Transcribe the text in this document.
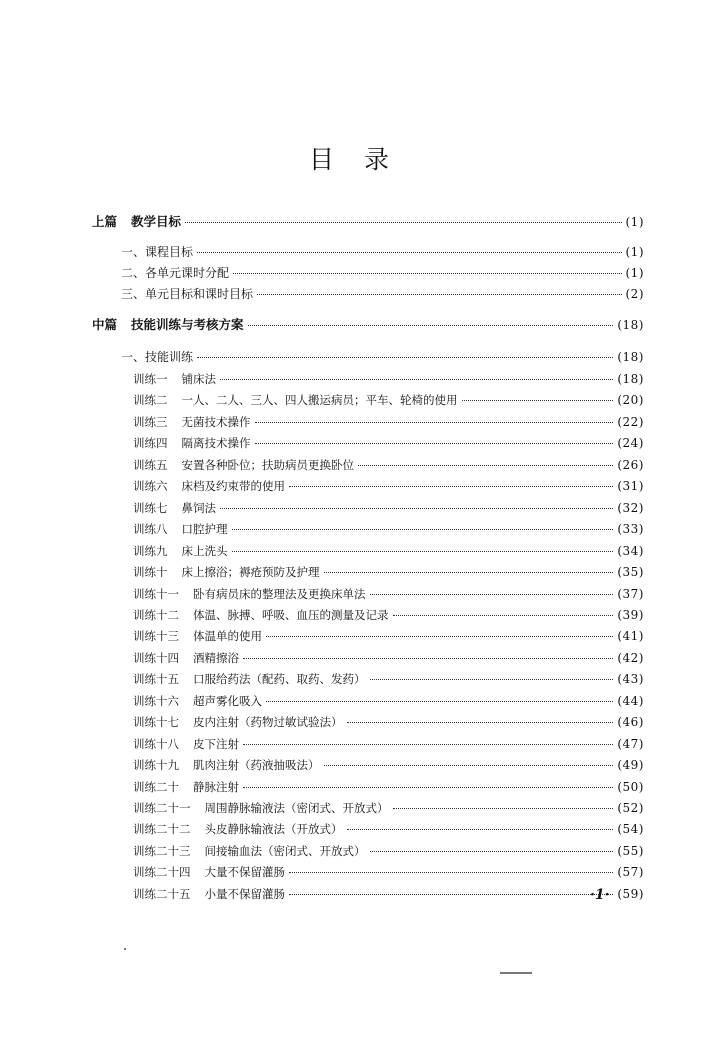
目录
上篇 教学目标	(1)
一、课程目标	(1)
二、各单元课时分配	(1)
三、单元目标和课时目标	(2)
中篇 技能训练与考核方案	(18)
一、技能训练	(18)
训练一 铺床法	(18)
训练二 一人、二人、三人、四人搬运病员；平车、轮椅的使用	(20)
训练三 无菌技术操作	(22)
训练四 隔离技术操作	(24)
训练五 安置各种卧位；扶助病员更换卧位	(26)
训练六 床档及约束带的使用	(31)
训练七 鼻饲法	(32)
训练八 口腔护理	(33)
训练九 床上洗头	(34)
训练十 床上擦浴；褥疮预防及护理	(35)
训练十一 卧有病员床的整理法及更换床单法	(37)
训练十二 体温、脉搏、呼吸、血压的测量及记录	(39)
训练十三 体温单的使用	(41)
训练十四 酒精擦浴	(42)
训练十五 口服给药法（配药、取药、发药）	(43)
训练十六 超声雾化吸入	(44)
训练十七 皮内注射（药物过敏试验法）	(46)
训练十八 皮下注射	(47)
训练十九 肌肉注射（药液抽吸法）	(49)
训练二十 静脉注射	(50)
训练二十一 周围静脉输液法（密闭式、开放式）	(52)
训练二十二 头皮静脉输液法（开放式）	(54)
训练二十三 间接输血法（密闭式、开放式）	(55)
训练二十四 大量不保留灌肠	(57)
训练二十五 小量不保留灌肠	(59)
·1·
